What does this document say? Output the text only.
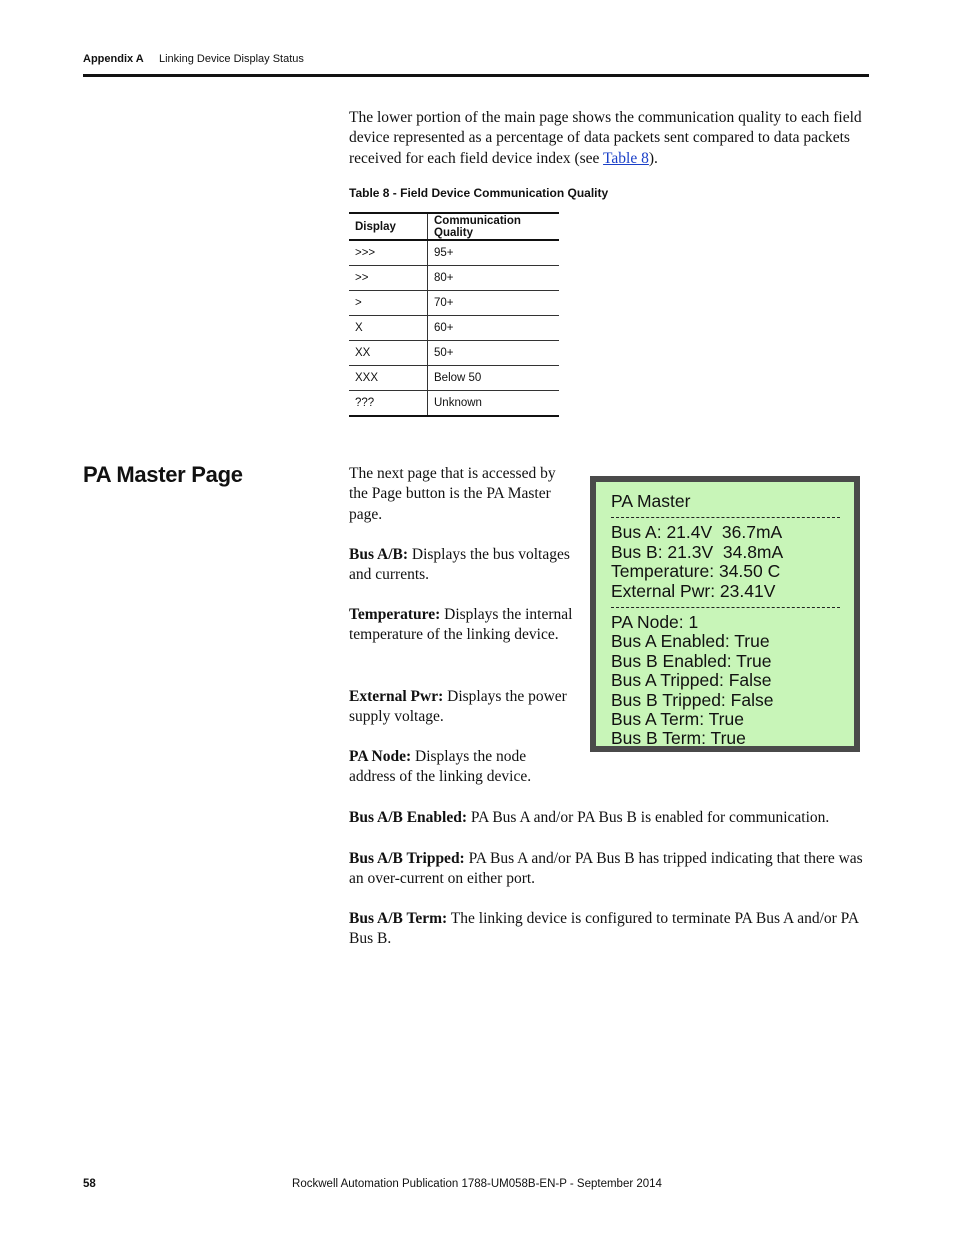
Appendix A Linking Device Display Status
The lower portion of the main page shows the communication quality to each field device represented as a percentage of data packets sent compared to data packets received for each field device index (see Table 8).
Table 8 - Field Device Communication Quality
Display	Communication Quality
>>>	95+
>>	80+
>	70+
X	60+
XX	50+
XXX	Below 50
???	Unknown
PA Master Page	The next page that is accessed by the Page button is the PA Master page.
Bus A/B: Displays the bus voltages and currents.
Temperature: Displays the internal temperature of the linking device.
External Pwr: Displays the power supply voltage.
PA Node: Displays the node address of the linking device.
Bus A/B Enabled: PA Bus A and/or PA Bus B is enabled for communication.
Bus A/B Tripped: PA Bus A and/or PA Bus B has tripped indicating that there was an over-current on either port.
Bus A/B Term: The linking device is configured to terminate PA Bus A and/or PA Bus B.
PA Master
Bus A: 21.4V  36.7mA
Bus B: 21.3V  34.8mA
Temperature: 34.50 C
External Pwr: 23.41V
PA Node: 1
Bus A Enabled: True
Bus B Enabled: True
Bus A Tripped: False
Bus B Tripped: False
Bus A Term: True
Bus B Term: True
58	Rockwell Automation Publication 1788-UM058B-EN-P - September 2014
